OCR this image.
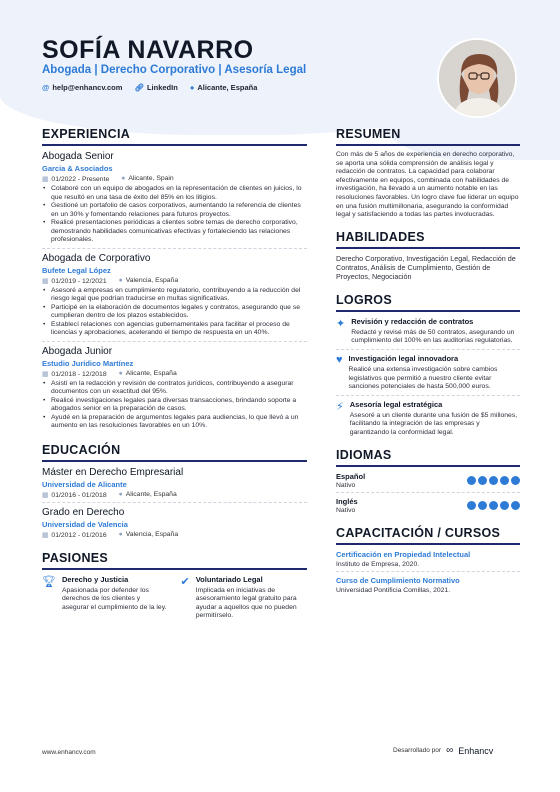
SOFÍA NAVARRO
Abogada | Derecho Corporativo | Asesoría Legal
@ help@enhancv.com 🔗︎ LinkedIn ● Alicante, España
EXPERIENCIA
Abogada Senior
Garcia & Asociados
▦ 01/2022 - Presente ● Alicante, Spain
• Colaboré con un equipo de abogados en la representación de clientes en juicios, lo que resultó en una tasa de éxito del 85% en los litigios.
• Gestioné un portafolio de casos corporativos, aumentando la referencia de clientes en un 30% y fomentando relaciones para futuros proyectos.
• Realicé presentaciones periódicas a clientes sobre temas de derecho corporativo, demostrando habilidades comunicativas efectivas y fortaleciendo las relaciones profesionales.
Abogada de Corporativo
Bufete Legal López
▦ 01/2019 - 12/2021 ● Valencia, España
• Asesoré a empresas en cumplimiento regulatorio, contribuyendo a la reducción del riesgo legal que podrían traducirse en multas significativas.
• Participé en la elaboración de documentos legales y contratos, asegurando que se cumplieran dentro de los plazos establecidos.
• Establecí relaciones con agencias gubernamentales para facilitar el proceso de licencias y aprobaciones, acelerando el tiempo de respuesta en un 40%.
Abogada Junior
Estudio Jurídico Martínez
▦ 01/2018 - 12/2018 ● Alicante, España
• Asistí en la redacción y revisión de contratos jurídicos, contribuyendo a asegurar documentos con un exactitud del 95%.
• Realicé investigaciones legales para diversas transacciones, brindando soporte a abogados senior en la preparación de casos.
• Ayudé en la preparación de argumentos legales para audiencias, lo que llevó a un aumento en las resoluciones favorables en un 10%.
EDUCACIÓN
Máster en Derecho Empresarial
Universidad de Alicante
▦ 01/2016 - 01/2018 ● Alicante, España
Grado en Derecho
Universidad de Valencia
▦ 01/2012 - 01/2016 ● Valencia, España
PASIONES
🏆︎ Derecho y Justicia
Apasionada por defender los derechos de los clientes y asegurar el cumplimiento de la ley.
✔ Voluntariado Legal
Implicada en iniciativas de asesoramiento legal gratuito para ayudar a aquellos que no pueden permitírselo.
RESUMEN
Con más de 5 años de experiencia en derecho corporativo, se aporta una sólida comprensión de análisis legal y redacción de contratos. La capacidad para colaborar efectivamente en equipos, combinada con habilidades de investigación, ha llevado a un aumento notable en las resoluciones favorables. Un logro clave fue liderar un equipo en una fusión multimillonaria, asegurando la conformidad legal y satisfaciendo a todas las partes involucradas.
HABILIDADES
Derecho Corporativo, Investigación Legal, Redacción de Contratos, Análisis de Cumplimiento, Gestión de Proyectos, Negociación
LOGROS
✦ Revisión y redacción de contratos
Redacté y revisé más de 50 contratos, asegurando un cumplimiento del 100% en las auditorías regulatorias.
♥ Investigación legal innovadora
Realicé una extensa investigación sobre cambios legislativos que permitió a nuestro cliente evitar sanciones potenciales de hasta 500,000 euros.
⚡︎ Asesoría legal estratégica
Asesoré a un cliente durante una fusión de $5 millones, facilitando la integración de las empresas y garantizando la conformidad legal.
IDIOMAS
Español
Nativo
Inglés
Nativo
CAPACITACIÓN / CURSOS
Certificación en Propiedad Intelectual
Instituto de Empresa, 2020.
Curso de Cumplimiento Normativo
Universidad Pontificia Comillas, 2021.
www.enhancv.com	Desarrollado por ∞ Enhancv
